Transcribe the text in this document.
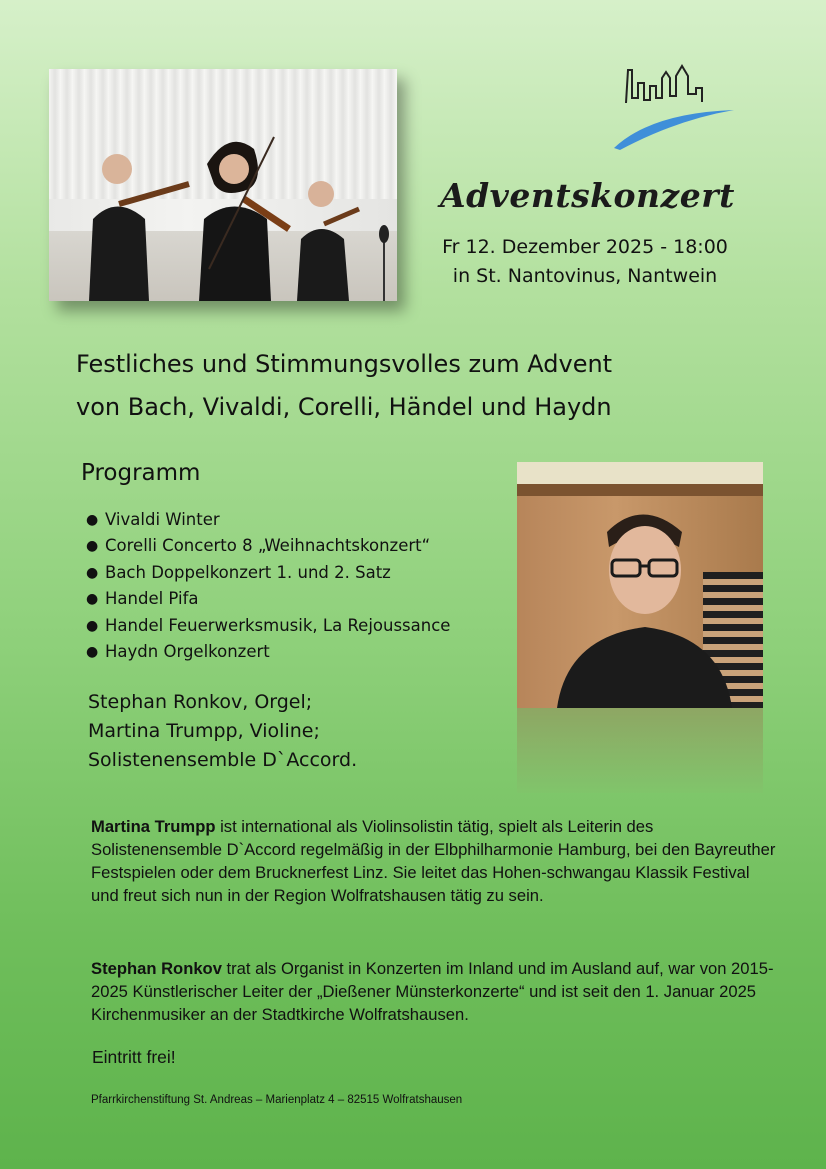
Adventskonzert
Fr 12. Dezember 2025 - 18:00
in St. Nantovinus, Nantwein
Festliches und Stimmungsvolles zum Advent
von Bach, Vivaldi, Corelli, Händel und Haydn
Programm
● Vivaldi Winter
● Corelli Concerto 8 „Weihnachtskonzert“
● Bach Doppelkonzert 1. und 2. Satz
● Handel Pifa
● Handel Feuerwerksmusik, La Rejoussance
● Haydn Orgelkonzert
Stephan Ronkov, Orgel;
Martina Trumpp, Violine;
Solistenensemble D`Accord.
Martina Trumpp ist international als Violinsolistin tätig, spielt als Leiterin des Solistenensemble D`Accord regelmäßig in der Elbphilharmonie Hamburg, bei den Bayreuther Festspielen oder dem Brucknerfest Linz. Sie leitet das Hohen-schwangau Klassik Festival und freut sich nun in der Region Wolfratshausen tätig zu sein.
Stephan Ronkov trat als Organist in Konzerten im Inland und im Ausland auf, war von 2015-2025 Künstlerischer Leiter der „Dießener Münsterkonzerte“ und ist seit den 1. Januar 2025 Kirchenmusiker an der Stadtkirche Wolfratshausen.
Eintritt frei!
Pfarrkirchenstiftung St. Andreas – Marienplatz 4 – 82515 Wolfratshausen
